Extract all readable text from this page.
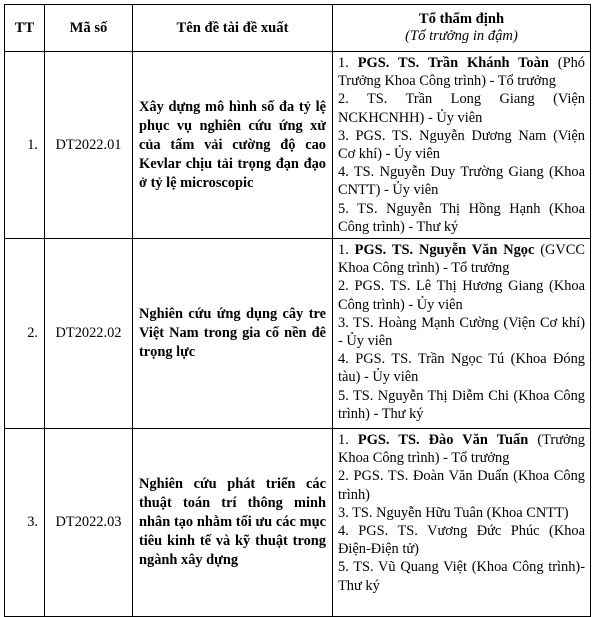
TT	Mã số	Tên đề tài đề xuất	Tổ thẩm định
(Tổ trưởng in đậm)

1.	DT2022.01	Xây dựng mô hình số đa tỷ lệ phục vụ nghiên cứu ứng xử của tấm vải cường độ cao Kevlar chịu tải trọng đạn đạo ở tỷ lệ microscopic	1. PGS. TS. Trần Khánh Toàn (Phó Trưởng Khoa Công trình) - Tổ trưởng
2. TS. Trần Long Giang (Viện NCKHCNHH) - Ủy viên
3. PGS. TS. Nguyễn Dương Nam (Viện Cơ khí) - Ủy viên
4. TS. Nguyễn Duy Trường Giang (Khoa CNTT) - Ủy viên
5. TS. Nguyễn Thị Hồng Hạnh (Khoa Công trình) - Thư ký

2.	DT2022.02	Nghiên cứu ứng dụng cây tre Việt Nam trong gia cố nền đê trọng lực	1. PGS. TS. Nguyễn Văn Ngọc (GVCC Khoa Công trình) - Tổ trưởng
2. PGS. TS. Lê Thị Hương Giang (Khoa Công trình) - Ủy viên
3. TS. Hoàng Mạnh Cường (Viện Cơ khí) - Ủy viên
4. PGS. TS. Trần Ngọc Tú (Khoa Đóng tàu) - Ủy viên
5. TS. Nguyễn Thị Diễm Chi (Khoa Công trình) - Thư ký

3.	DT2022.03	Nghiên cứu phát triển các thuật toán trí thông minh nhân tạo nhằm tối ưu các mục tiêu kinh tế và kỹ thuật trong ngành xây dựng	1. PGS. TS. Đào Văn Tuấn (Trưởng Khoa Công trình) - Tổ trưởng
2. PGS. TS. Đoàn Văn Duẩn (Khoa Công trình)
3. TS. Nguyễn Hữu Tuân (Khoa CNTT)
4. PGS. TS. Vương Đức Phúc (Khoa Điện-Điện tử)
5. TS. Vũ Quang Việt (Khoa Công trình)- Thư ký
